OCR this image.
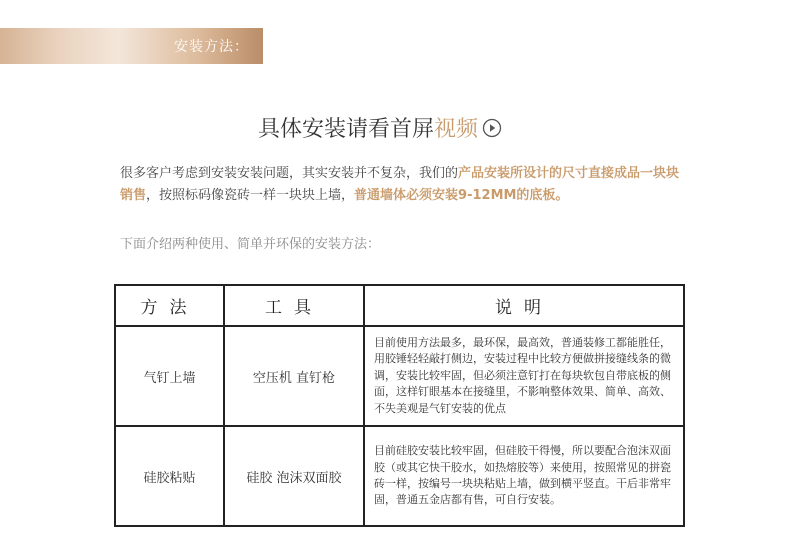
安装方法：
具体安装请看首屏 视频
很多客户考虑到安装安装问题，其实安装并不复杂，我们的产品安装所设计的尺寸直接成品一块块销售，按照标码像瓷砖一样一块块上墙，普通墙体必须安装9-12MM的底板。
下面介绍两种使用、简单并环保的安装方法：
方法	工具	说明
气钉上墙	空压机 直钉枪	目前使用方法最多，最环保，最高效，普通装修工都能胜任，用胶锤轻轻敲打侧边，安装过程中比较方便做拼接缝线条的微调，安装比较牢固，但必须注意钉打在每块软包自带底板的侧面，这样钉眼基本在接缝里，不影响整体效果、简单、高效、不失美观是气钉安装的优点
硅胶粘贴	硅胶 泡沫双面胶	目前硅胶安装比较牢固，但硅胶干得慢，所以要配合泡沫双面胶（或其它快干胶水，如热熔胶等）来使用，按照常见的拼瓷砖一样，按编号一块块粘贴上墙，做到横平竖直。干后非常牢固，普通五金店都有售，可自行安装。
